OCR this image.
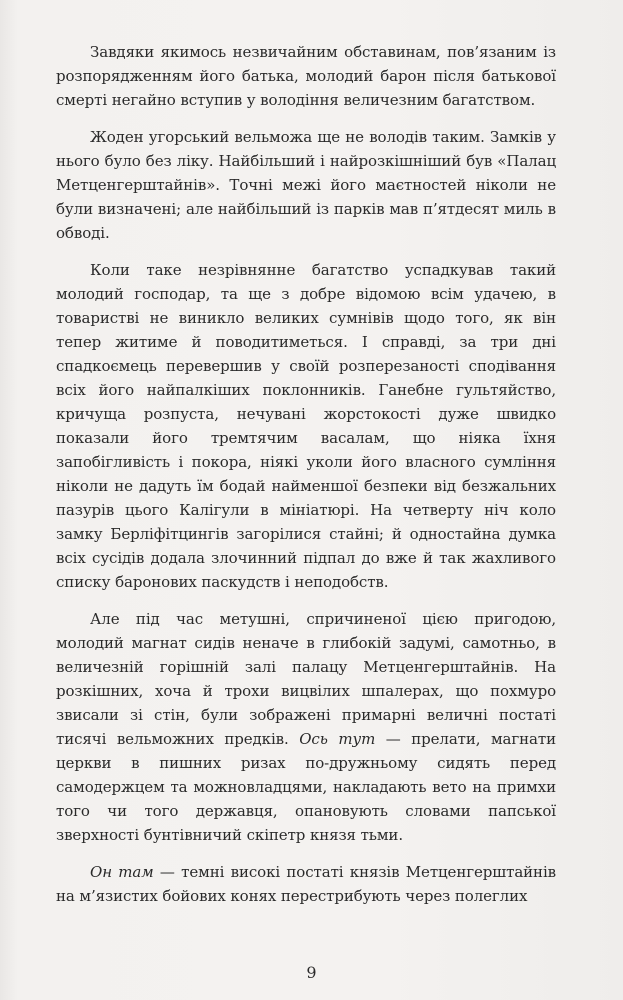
Завдяки якимось незвичайним обставинам, пов’язаним із розпорядженням його батька, молодий барон після батькової смерті негайно вступив у володіння величезним багатством.

Жоден угорський вельможа ще не володів таким. Замків у нього було без ліку. Найбільший і найрозкішніший був «Палац Метценгерштайнів». Точні межі його маєтностей ніколи не були визначені; але найбільший із парків мав п’ятдесят миль в обводі.

Коли таке незрівнянне багатство успадкував такий молодий господар, та ще з добре відомою всім удачею, в товаристві не виникло великих сумнівів щодо того, як він тепер житиме й поводитиметься. І справді, за три дні спадкоємець перевершив у своїй розперезаності сподівання всіх його найпалкіших поклонників. Ганебне гультяйство, кричуща розпуста, нечувані жорстокості дуже швидко показали його тремтячим васалам, що ніяка їхня запобігливість і покора, ніякі уколи його власного сумління ніколи не дадуть їм бодай найменшої безпеки від безжальних пазурів цього Калігули в мініатюрі. На четверту ніч коло замку Берліфітцингів загорілися стайні; й одностайна думка всіх сусідів додала злочинний підпал до вже й так жахливого списку баронових паскудств і неподобств.

Але під час метушні, спричиненої цією пригодою, молодий магнат сидів неначе в глибокій задумі, самотньо, в величезній горішній залі палацу Метценгерштайнів. На розкішних, хоча й трохи вицвілих шпалерах, що похмуро звисали зі стін, були зображені примарні величні постаті тисячі вельможних предків. Ось тут — прелати, магнати церкви в пишних ризах по-дружньому сидять перед самодержцем та можновладцями, накладають вето на примхи того чи того державця, опановують словами папської зверхності бунтівничий скіпетр князя тьми.

Он там — темні високі постаті князів Метценгерштайнів на м’язистих бойових конях перестрибують через полеглих

9
